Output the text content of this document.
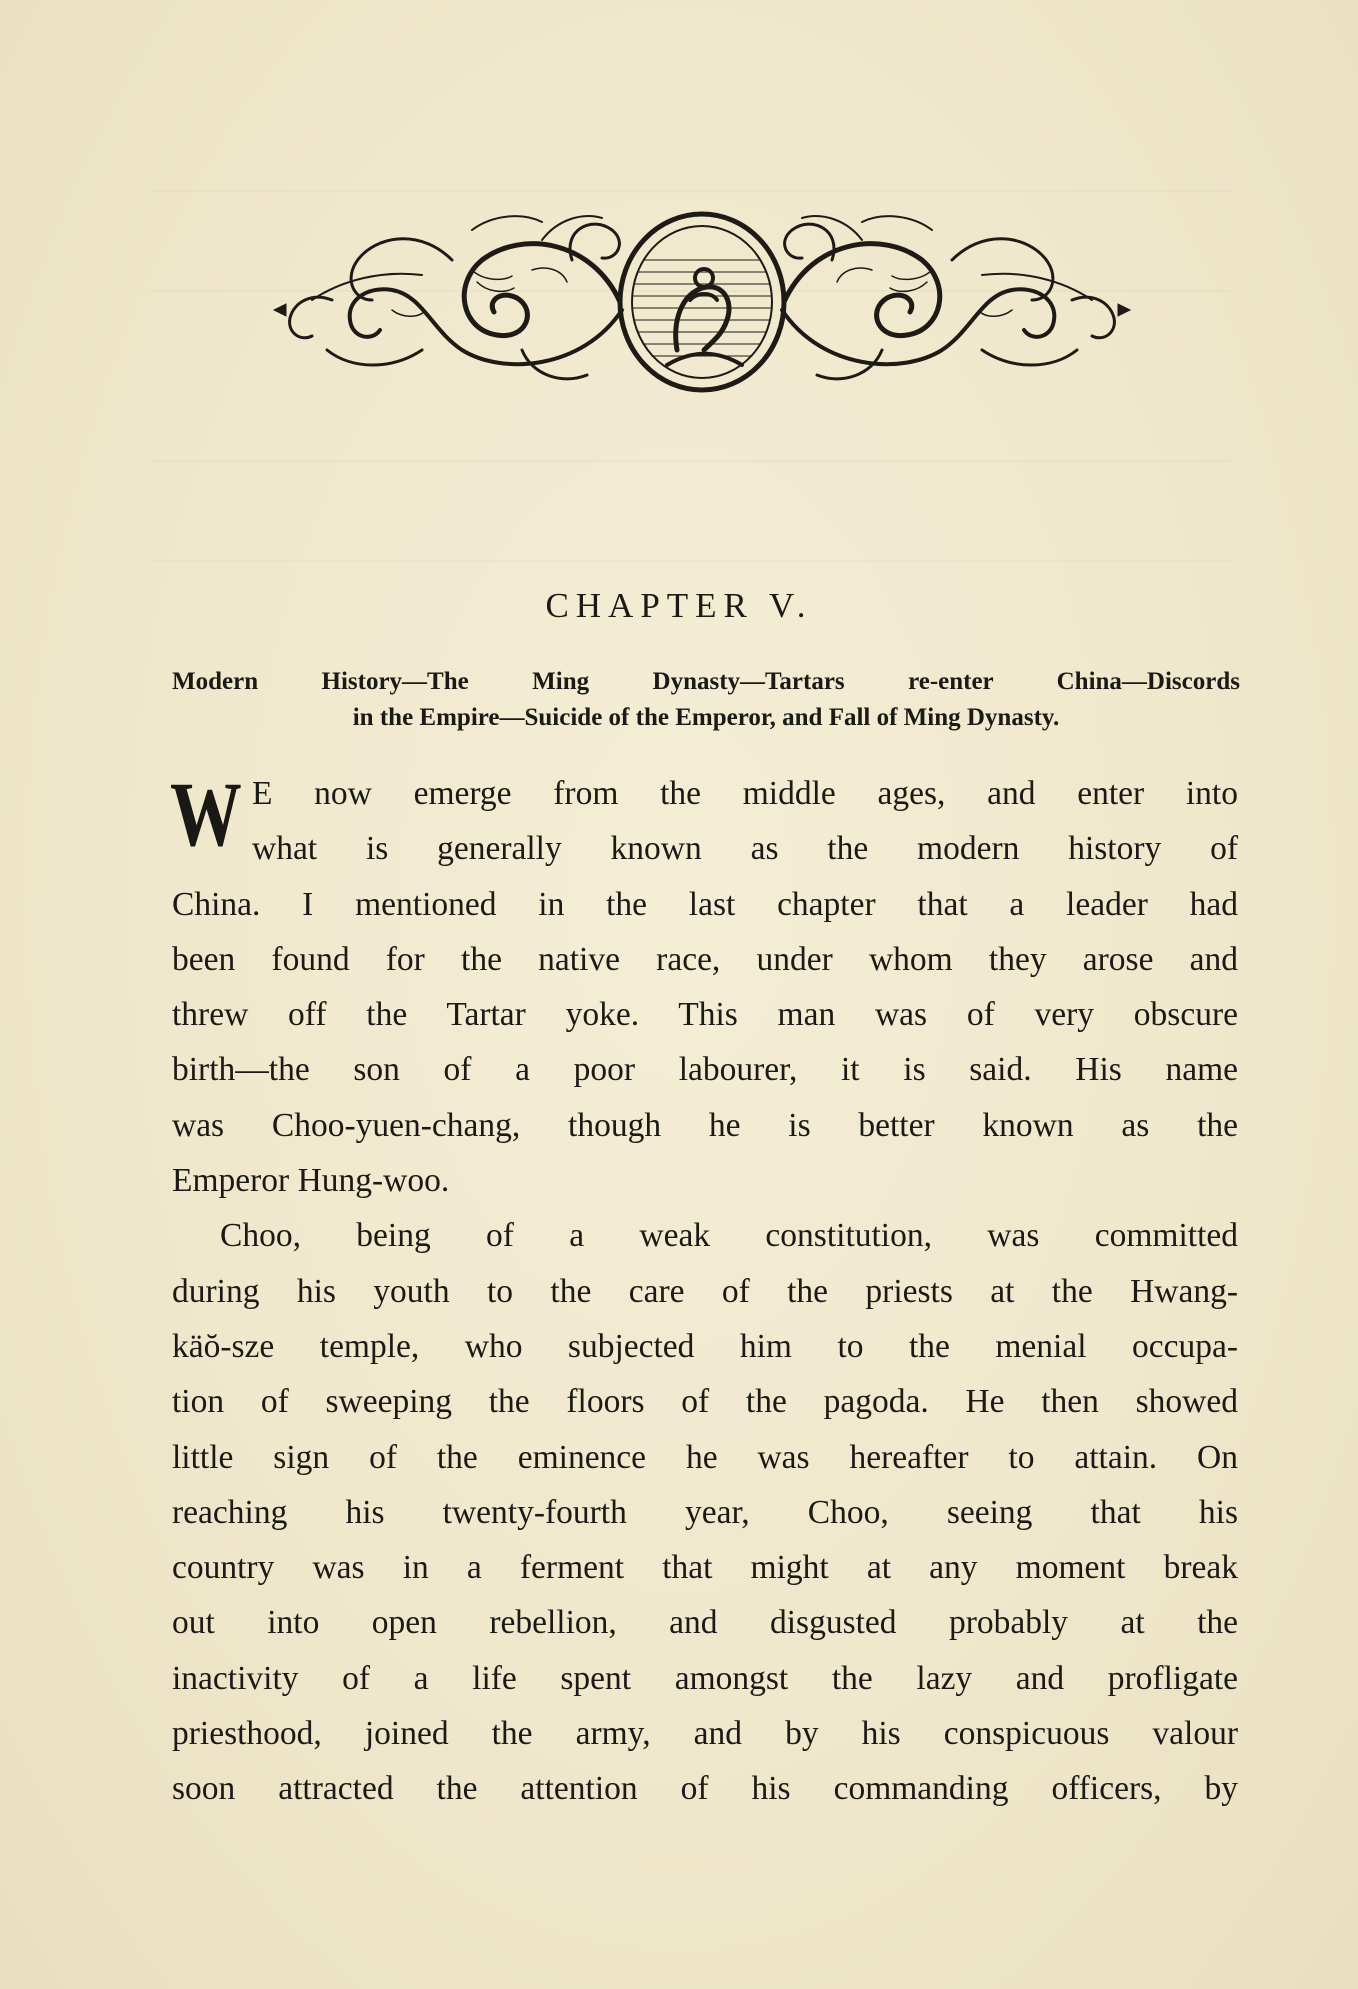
CHAPTER V.
Modern History—The Ming Dynasty—Tartars re-enter China—Discords
in the Empire—Suicide of the Emperor, and Fall of Ming Dynasty.

W E now emerge from the middle ages, and enter into
what is generally known as the modern history of
China. I mentioned in the last chapter that a leader had
been found for the native race, under whom they arose and
threw off the Tartar yoke. This man was of very obscure
birth—the son of a poor labourer, it is said. His name
was Choo-yuen-chang, though he is better known as the
Emperor Hung-woo.

Choo, being of a weak constitution, was committed
during his youth to the care of the priests at the Hwang-
käŏ-sze temple, who subjected him to the menial occupa-
tion of sweeping the floors of the pagoda. He then showed
little sign of the eminence he was hereafter to attain. On
reaching his twenty-fourth year, Choo, seeing that his
country was in a ferment that might at any moment break
out into open rebellion, and disgusted probably at the
inactivity of a life spent amongst the lazy and profligate
priesthood, joined the army, and by his conspicuous valour
soon attracted the attention of his commanding officers, by
